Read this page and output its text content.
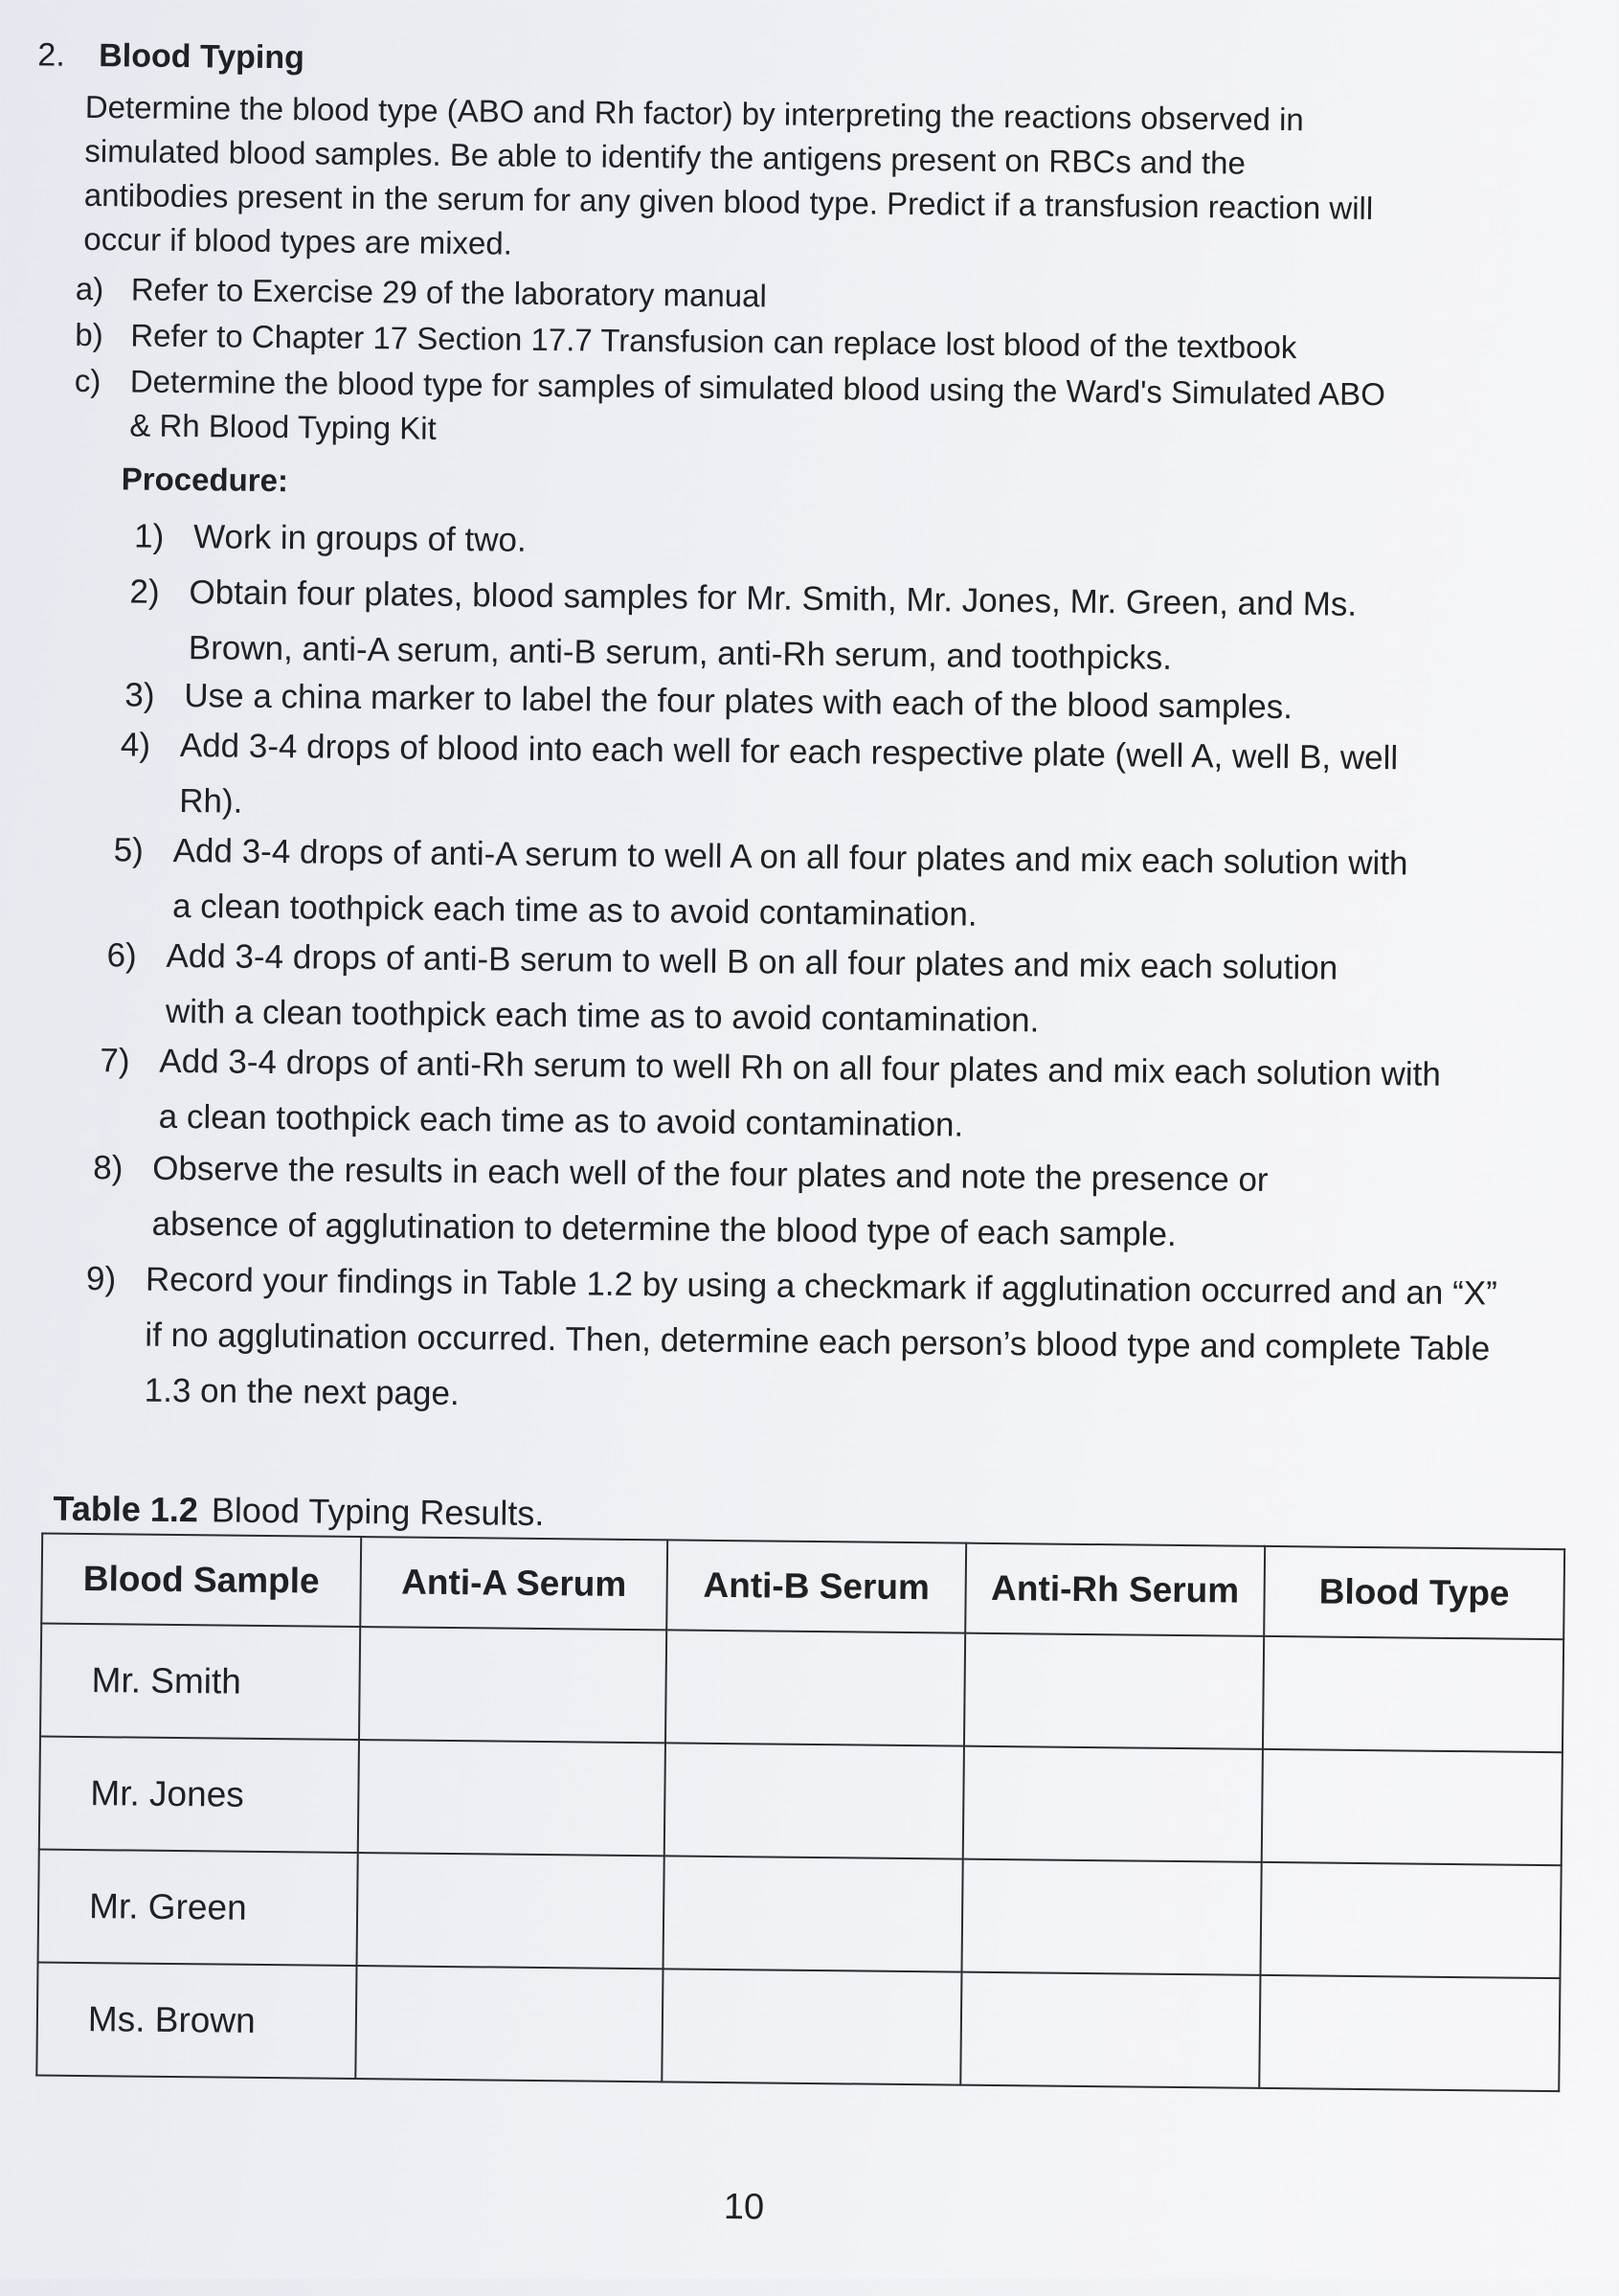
2. Blood Typing
Determine the blood type (ABO and Rh factor) by interpreting the reactions observed in simulated blood samples. Be able to identify the antigens present on RBCs and the antibodies present in the serum for any given blood type. Predict if a transfusion reaction will occur if blood types are mixed.
a) Refer to Exercise 29 of the laboratory manual
b) Refer to Chapter 17 Section 17.7 Transfusion can replace lost blood of the textbook
c) Determine the blood type for samples of simulated blood using the Ward's Simulated ABO & Rh Blood Typing Kit
Procedure:
1) Work in groups of two.
2) Obtain four plates, blood samples for Mr. Smith, Mr. Jones, Mr. Green, and Ms. Brown, anti-A serum, anti-B serum, anti-Rh serum, and toothpicks.
3) Use a china marker to label the four plates with each of the blood samples.
4) Add 3-4 drops of blood into each well for each respective plate (well A, well B, well Rh).
5) Add 3-4 drops of anti-A serum to well A on all four plates and mix each solution with a clean toothpick each time as to avoid contamination.
6) Add 3-4 drops of anti-B serum to well B on all four plates and mix each solution with a clean toothpick each time as to avoid contamination.
7) Add 3-4 drops of anti-Rh serum to well Rh on all four plates and mix each solution with a clean toothpick each time as to avoid contamination.
8) Observe the results in each well of the four plates and note the presence or absence of agglutination to determine the blood type of each sample.
9) Record your findings in Table 1.2 by using a checkmark if agglutination occurred and an “X” if no agglutination occurred. Then, determine each person’s blood type and complete Table 1.3 on the next page.
Table 1.2 Blood Typing Results.
Blood Sample	Anti-A Serum	Anti-B Serum	Anti-Rh Serum	Blood Type
Mr. Smith				
Mr. Jones				
Mr. Green				
Ms. Brown				
10
